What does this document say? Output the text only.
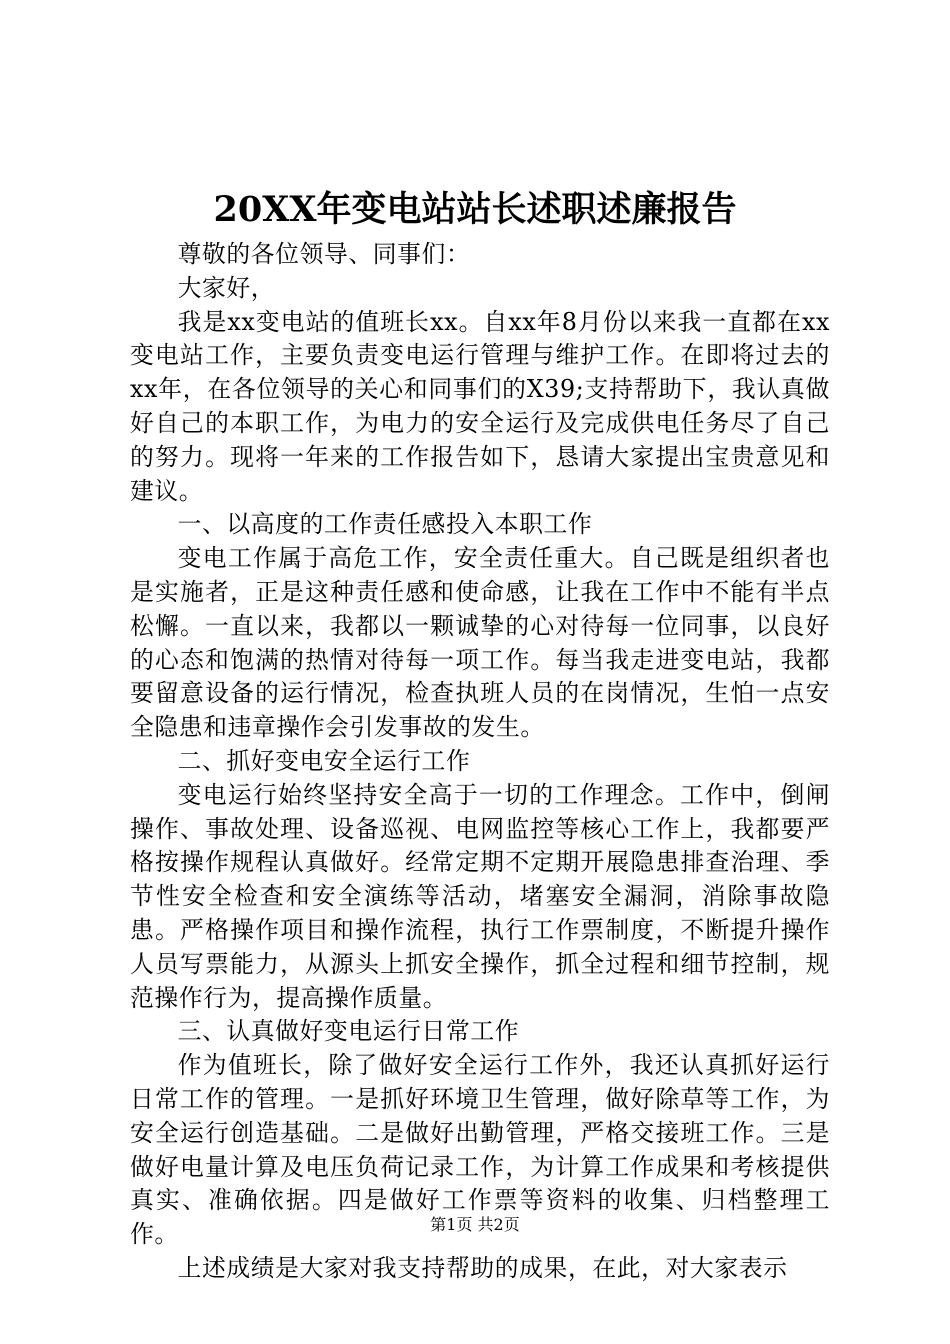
20XX年变电站站长述职述廉报告

尊敬的各位领导、同事们：

大家好，

我是xx变电站的值班长xx。自xx年8月份以来我一直都在xx变电站工作，主要负责变电运行管理与维护工作。在即将过去的xx年，在各位领导的关心和同事们的X39;支持帮助下，我认真做好自己的本职工作，为电力的安全运行及完成供电任务尽了自己的努力。现将一年来的工作报告如下，恳请大家提出宝贵意见和建议。

一、以高度的工作责任感投入本职工作

变电工作属于高危工作，安全责任重大。自己既是组织者也是实施者，正是这种责任感和使命感，让我在工作中不能有半点松懈。一直以来，我都以一颗诚挚的心对待每一位同事，以良好的心态和饱满的热情对待每一项工作。每当我走进变电站，我都要留意设备的运行情况，检查执班人员的在岗情况，生怕一点安全隐患和违章操作会引发事故的发生。

二、抓好变电安全运行工作

变电运行始终坚持安全高于一切的工作理念。工作中，倒闸操作、事故处理、设备巡视、电网监控等核心工作上，我都要严格按操作规程认真做好。经常定期不定期开展隐患排查治理、季节性安全检查和安全演练等活动，堵塞安全漏洞，消除事故隐患。严格操作项目和操作流程，执行工作票制度，不断提升操作人员写票能力，从源头上抓安全操作，抓全过程和细节控制，规范操作行为，提高操作质量。

三、认真做好变电运行日常工作

作为值班长，除了做好安全运行工作外，我还认真抓好运行日常工作的管理。一是抓好环境卫生管理，做好除草等工作，为安全运行创造基础。二是做好出勤管理，严格交接班工作。三是做好电量计算及电压负荷记录工作，为计算工作成果和考核提供真实、准确依据。四是做好工作票等资料的收集、归档整理工作。

上述成绩是大家对我支持帮助的成果，在此，对大家表示

第1页 共2页
